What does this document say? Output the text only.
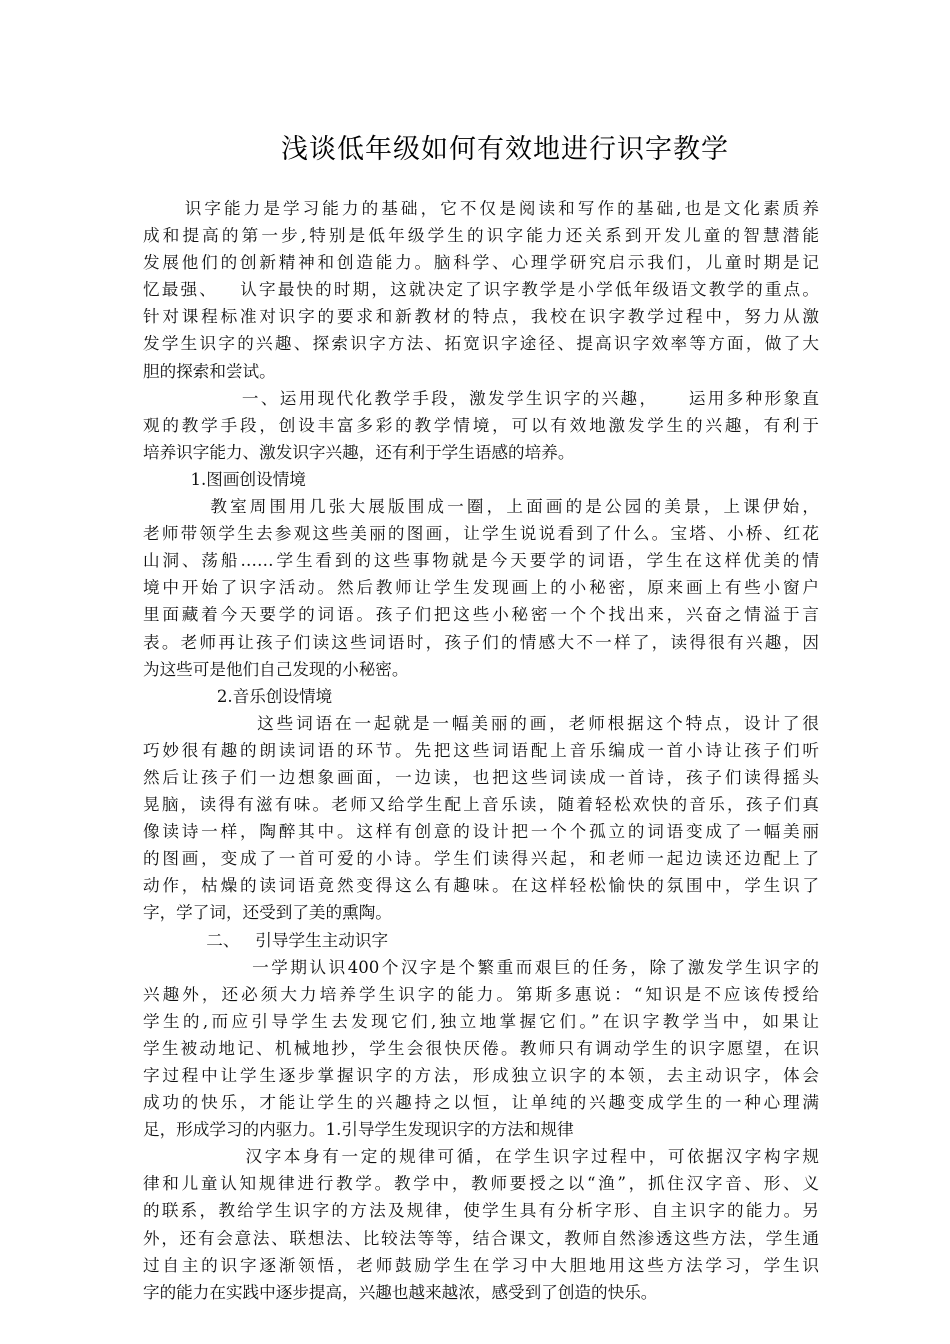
浅谈低年级如何有效地进行识字教学
识字能力是学习能力的基础，它不仅是阅读和写作的基础,也是文化素质养
成和提高的第一步,特别是低年级学生的识字能力还关系到开发儿童的智慧潜能
发展他们的创新精神和创造能力。脑科学、心理学研究启示我们，儿童时期是记
忆最强、   认字最快的时期，这就决定了识字教学是小学低年级语文教学的重点。
针对课程标准对识字的要求和新教材的特点，我校在识字教学过程中，努力从激
发学生识字的兴趣、探索识字方法、拓宽识字途径、提高识字效率等方面，做了大
胆的探索和尝试。
一、运用现代化教学手段，激发学生识字的兴趣，    运用多种形象直
观的教学手段，创设丰富多彩的教学情境，可以有效地激发学生的兴趣，有利于
培养识字能力、激发识字兴趣，还有利于学生语感的培养。
1.图画创设情境
教室周围用几张大展版围成一圈，上面画的是公园的美景，上课伊始，
老师带领学生去参观这些美丽的图画，让学生说说看到了什么。宝塔、小桥、红花
山洞、荡船……学生看到的这些事物就是今天要学的词语，学生在这样优美的情
境中开始了识字活动。然后教师让学生发现画上的小秘密，原来画上有些小窗户
里面藏着今天要学的词语。孩子们把这些小秘密一个个找出来，兴奋之情溢于言
表。老师再让孩子们读这些词语时，孩子们的情感大不一样了，读得很有兴趣，因
为这些可是他们自己发现的小秘密。
2.音乐创设情境
这些词语在一起就是一幅美丽的画，老师根据这个特点，设计了很
巧妙很有趣的朗读词语的环节。先把这些词语配上音乐编成一首小诗让孩子们听
然后让孩子们一边想象画面，一边读，也把这些词读成一首诗，孩子们读得摇头
晃脑，读得有滋有味。老师又给学生配上音乐读，随着轻松欢快的音乐，孩子们真
像读诗一样，陶醉其中。这样有创意的设计把一个个孤立的词语变成了一幅美丽
的图画，变成了一首可爱的小诗。学生们读得兴起，和老师一起边读还边配上了
动作，枯燥的读词语竟然变得这么有趣味。在这样轻松愉快的氛围中，学生识了
字，学了词，还受到了美的熏陶。
二、   引导学生主动识字
一学期认识400个汉字是个繁重而艰巨的任务，除了激发学生识字的
兴趣外，还必须大力培养学生识字的能力。第斯多惠说：“知识是不应该传授给
学生的,而应引导学生去发现它们,独立地掌握它们。”在识字教学当中，如果让
学生被动地记、机械地抄，学生会很快厌倦。教师只有调动学生的识字愿望，在识
字过程中让学生逐步掌握识字的方法，形成独立识字的本领，去主动识字，体会
成功的快乐，才能让学生的兴趣持之以恒，让单纯的兴趣变成学生的一种心理满
足，形成学习的内驱力。1.引导学生发现识字的方法和规律
汉字本身有一定的规律可循，在学生识字过程中，可依据汉字构字规
律和儿童认知规律进行教学。教学中，教师要授之以“渔”，抓住汉字音、形、义
的联系，教给学生识字的方法及规律，使学生具有分析字形、自主识字的能力。另
外，还有会意法、联想法、比较法等等，结合课文，教师自然渗透这些方法，学生通
过自主的识字逐渐领悟，老师鼓励学生在学习中大胆地用这些方法学习，学生识
字的能力在实践中逐步提高，兴趣也越来越浓，感受到了创造的快乐。
